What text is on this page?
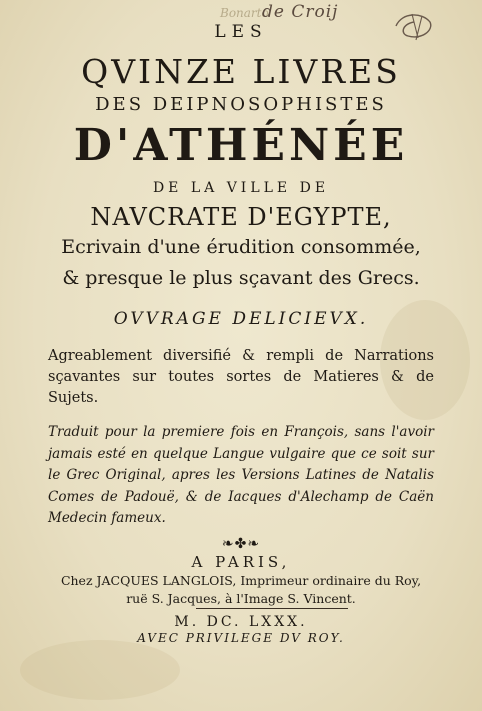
Bonarto
de Croij
LES
QVINZE LIVRES
DES DEIPNOSOPHISTES
D'ATHÉNÉE
DE LA VILLE DE
NAVCRATE D'EGYPTE,
Ecrivain d'une érudition consommée,
& presque le plus sçavant des Grecs.
OVVRAGE DELICIEVX.
Agreablement diversifié & rempli de Narrations sçavantes sur toutes sortes de Matieres & de Sujets.
Traduit pour la premiere fois en François, sans l'avoir jamais esté en quelque Langue vulgaire que ce soit sur le Grec Original, apres les Versions Latines de Natalis Comes de Padouë, & de Iacques d'Alechamp de Caën Medecin fameux.
❧✤❧
A PARIS,
Chez JACQUES LANGLOIS, Imprimeur ordinaire du Roy,
ruë S. Jacques, à l'Image S. Vincent.
M. DC. LXXX.
AVEC PRIVILEGE DV ROY.
